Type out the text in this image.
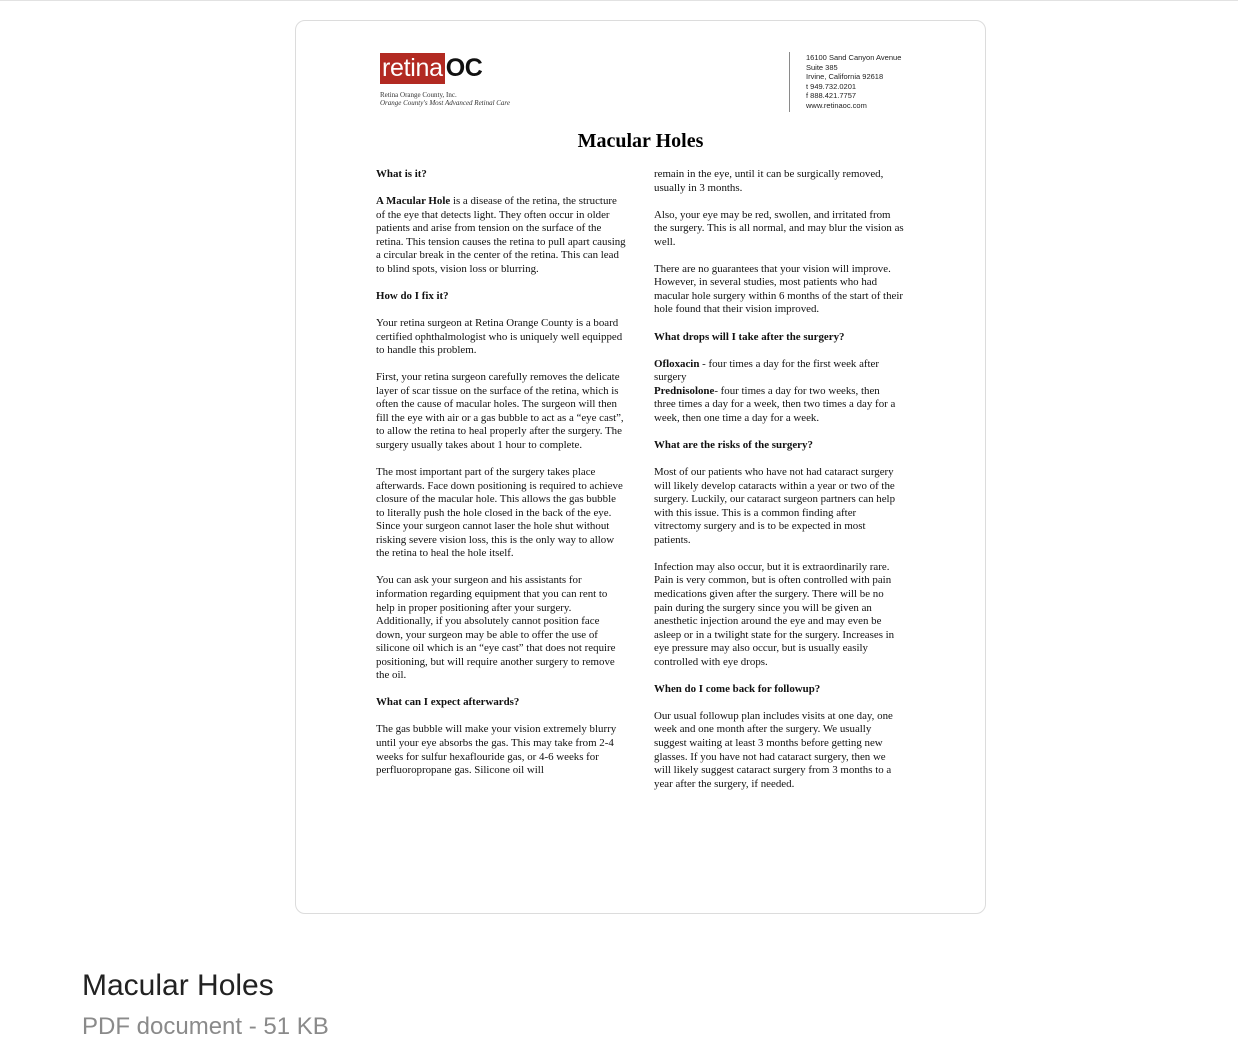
retina OC
Retina Orange County, Inc.
Orange County's Most Advanced Retinal Care
16100 Sand Canyon Avenue
Suite 385
Irvine, California 92618
t 949.732.0201
f 888.421.7757
www.retinaoc.com
Macular Holes
What is it?

A Macular Hole is a disease of the retina, the structure of the eye that detects light. They often occur in older patients and arise from tension on the surface of the retina. This tension causes the retina to pull apart causing a circular break in the center of the retina. This can lead to blind spots, vision loss or blurring.

How do I fix it?

Your retina surgeon at Retina Orange County is a board certified ophthalmologist who is uniquely well equipped to handle this problem.

First, your retina surgeon carefully removes the delicate layer of scar tissue on the surface of the retina, which is often the cause of macular holes. The surgeon will then fill the eye with air or a gas bubble to act as a “eye cast”, to allow the retina to heal properly after the surgery. The surgery usually takes about 1 hour to complete.

The most important part of the surgery takes place afterwards. Face down positioning is required to achieve closure of the macular hole. This allows the gas bubble to literally push the hole closed in the back of the eye. Since your surgeon cannot laser the hole shut without risking severe vision loss, this is the only way to allow the retina to heal the hole itself.

You can ask your surgeon and his assistants for information regarding equipment that you can rent to help in proper positioning after your surgery. Additionally, if you absolutely cannot position face down, your surgeon may be able to offer the use of silicone oil which is an “eye cast” that does not require positioning, but will require another surgery to remove the oil.

What can I expect afterwards?

The gas bubble will make your vision extremely blurry until your eye absorbs the gas. This may take from 2-4 weeks for sulfur hexaflouride gas, or 4-6 weeks for perfluoropropane gas. Silicone oil will

remain in the eye, until it can be surgically removed, usually in 3 months.

Also, your eye may be red, swollen, and irritated from the surgery. This is all normal, and may blur the vision as well.

There are no guarantees that your vision will improve. However, in several studies, most patients who had macular hole surgery within 6 months of the start of their hole found that their vision improved.

What drops will I take after the surgery?

Ofloxacin - four times a day for the first week after surgery
Prednisolone- four times a day for two weeks, then three times a day for a week, then two times a day for a week, then one time a day for a week.

What are the risks of the surgery?

Most of our patients who have not had cataract surgery will likely develop cataracts within a year or two of the surgery. Luckily, our cataract surgeon partners can help with this issue. This is a common finding after vitrectomy surgery and is to be expected in most patients.

Infection may also occur, but it is extraordinarily rare. Pain is very common, but is often controlled with pain medications given after the surgery. There will be no pain during the surgery since you will be given an anesthetic injection around the eye and may even be asleep or in a twilight state for the surgery. Increases in eye pressure may also occur, but is usually easily controlled with eye drops.

When do I come back for followup?

Our usual followup plan includes visits at one day, one week and one month after the surgery. We usually suggest waiting at least 3 months before getting new glasses. If you have not had cataract surgery, then we will likely suggest cataract surgery from 3 months to a year after the surgery, if needed.

Macular Holes
PDF document - 51 KB
